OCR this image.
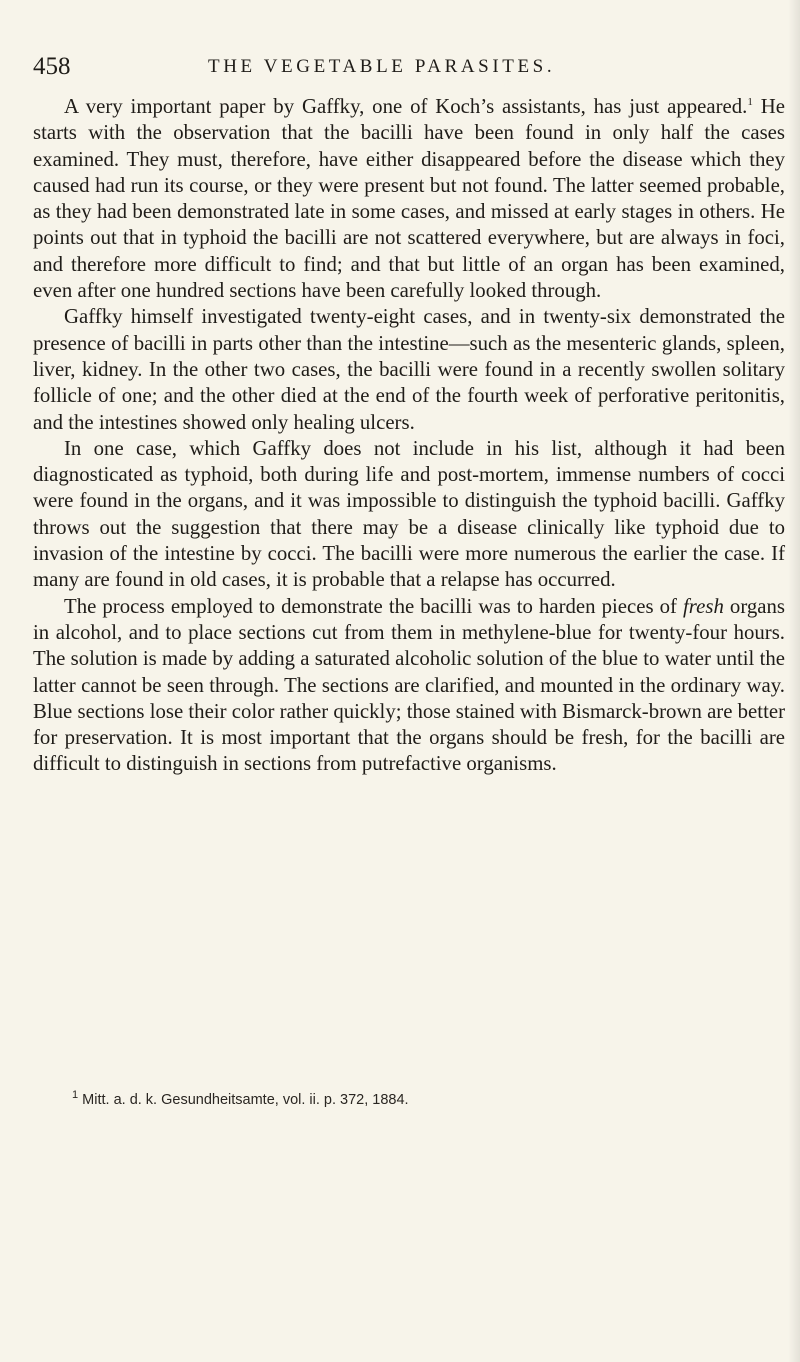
458	THE VEGETABLE PARASITES.

A very important paper by Gaffky, one of Koch’s assistants, has just appeared.$^1$ He starts with the observation that the bacilli have been found in only half the cases examined. They must, therefore, have either disappeared before the disease which they caused had run its course, or they were present but not found. The latter seemed probable, as they had been demonstrated late in some cases, and missed at early stages in others. He points out that in typhoid the bacilli are not scattered everywhere, but are always in foci, and therefore more difficult to find; and that but little of an organ has been examined, even after one hundred sections have been carefully looked through.

Gaffky himself investigated twenty-eight cases, and in twenty-six demonstrated the presence of bacilli in parts other than the intestine—such as the mesenteric glands, spleen, liver, kidney. In the other two cases, the bacilli were found in a recently swollen solitary follicle of one; and the other died at the end of the fourth week of perforative peritonitis, and the intestines showed only healing ulcers.

In one case, which Gaffky does not include in his list, although it had been diagnosticated as typhoid, both during life and post-mortem, immense numbers of cocci were found in the organs, and it was impossible to distinguish the typhoid bacilli. Gaffky throws out the suggestion that there may be a disease clinically like typhoid due to invasion of the intestine by cocci. The bacilli were more numerous the earlier the case. If many are found in old cases, it is probable that a relapse has occurred.

The process employed to demonstrate the bacilli was to harden pieces of fresh organs in alcohol, and to place sections cut from them in methylene-blue for twenty-four hours. The solution is made by adding a saturated alcoholic solution of the blue to water until the latter cannot be seen through. The sections are clarified, and mounted in the ordinary way. Blue sections lose their color rather quickly; those stained with Bismarck-brown are better for preservation. It is most important that the organs should be fresh, for the bacilli are difficult to distinguish in sections from putrefactive organisms.

$^1$ Mitt. a. d. k. Gesundheitsamte, vol. ii. p. 372, 1884.
